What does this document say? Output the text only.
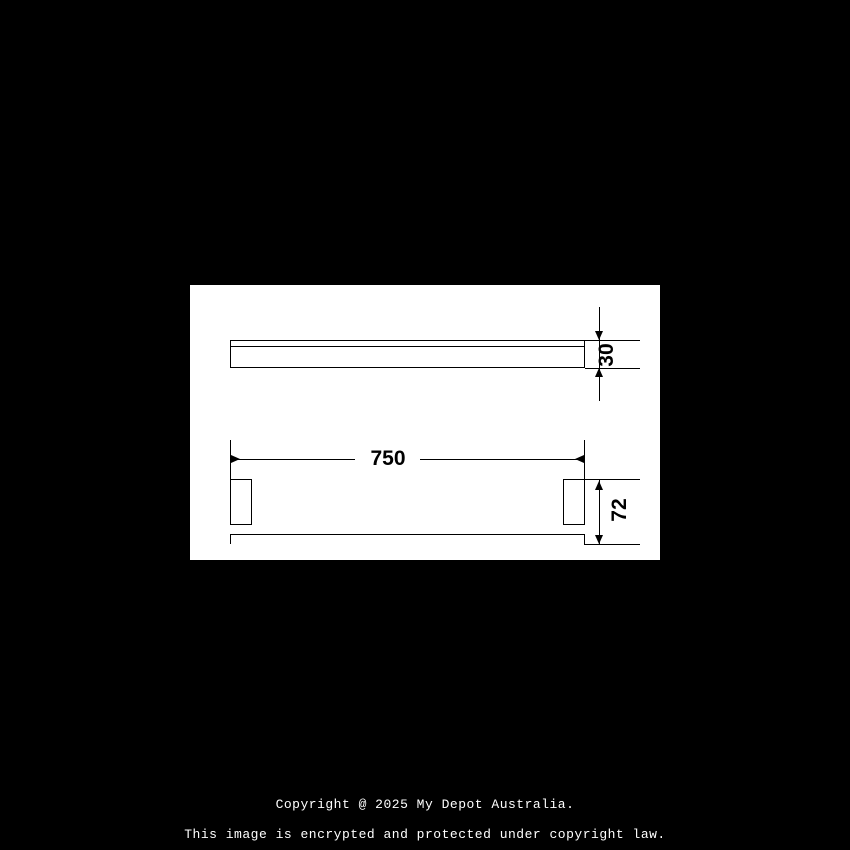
30
750
72
Copyright @ 2025 My Depot Australia.
This image is encrypted and protected under copyright law.
